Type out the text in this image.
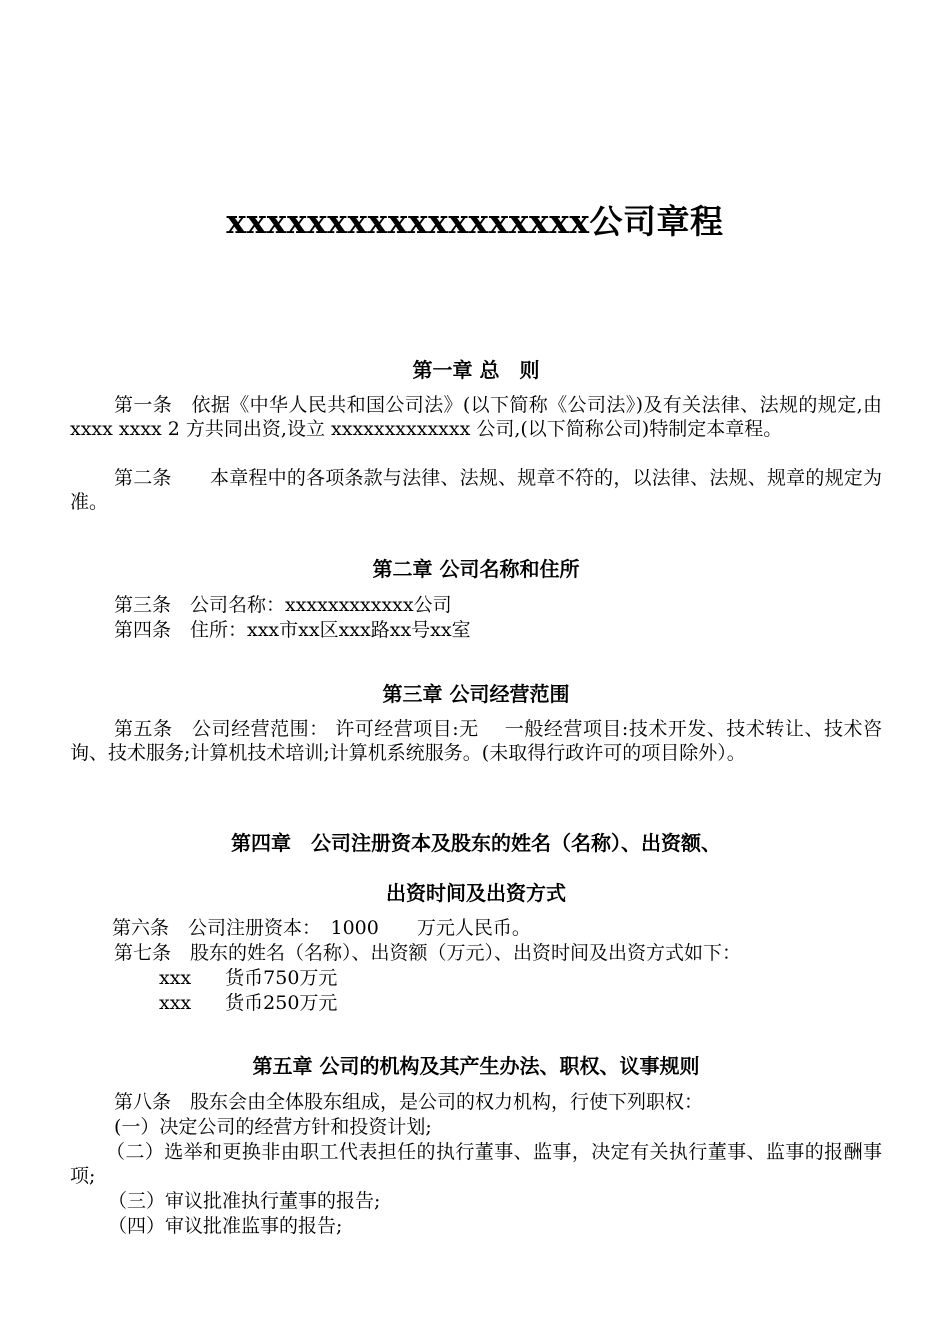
xxxxxxxxxxxxxxxxxx公司章程
第一章 总　则
第一条　依据《中华人民共和国公司法》(以下简称《公司法》)及有关法律、法规的规定,由xxxx xxxx 2 方共同出资,设立 xxxxxxxxxxxxx 公司,(以下简称公司)特制定本章程。
第二条　　本章程中的各项条款与法律、法规、规章不符的，以法律、法规、规章的规定为准。
第二章 公司名称和住所
第三条　公司名称：xxxxxxxxxxxx公司
第四条　住所：xxx市xx区xxx路xx号xx室
第三章 公司经营范围
第五条　公司经营范围： 许可经营项目:无　 一般经营项目:技术开发、技术转让、技术咨询、技术服务;计算机技术培训;计算机系统服务。(未取得行政许可的项目除外）。
第四章　公司注册资本及股东的姓名（名称）、出资额、
出资时间及出资方式
第六条　公司注册资本：　1000　　万元人民币。
第七条　股东的姓名（名称）、出资额（万元）、出资时间及出资方式如下：
xxx 货币750万元
xxx 货币250万元
第五章 公司的机构及其产生办法、职权、议事规则
第八条　股东会由全体股东组成，是公司的权力机构，行使下列职权：
(一）决定公司的经营方针和投资计划;
（二）选举和更换非由职工代表担任的执行董事、监事，决定有关执行董事、监事的报酬事项;
（三）审议批准执行董事的报告;
（四）审议批准监事的报告;
